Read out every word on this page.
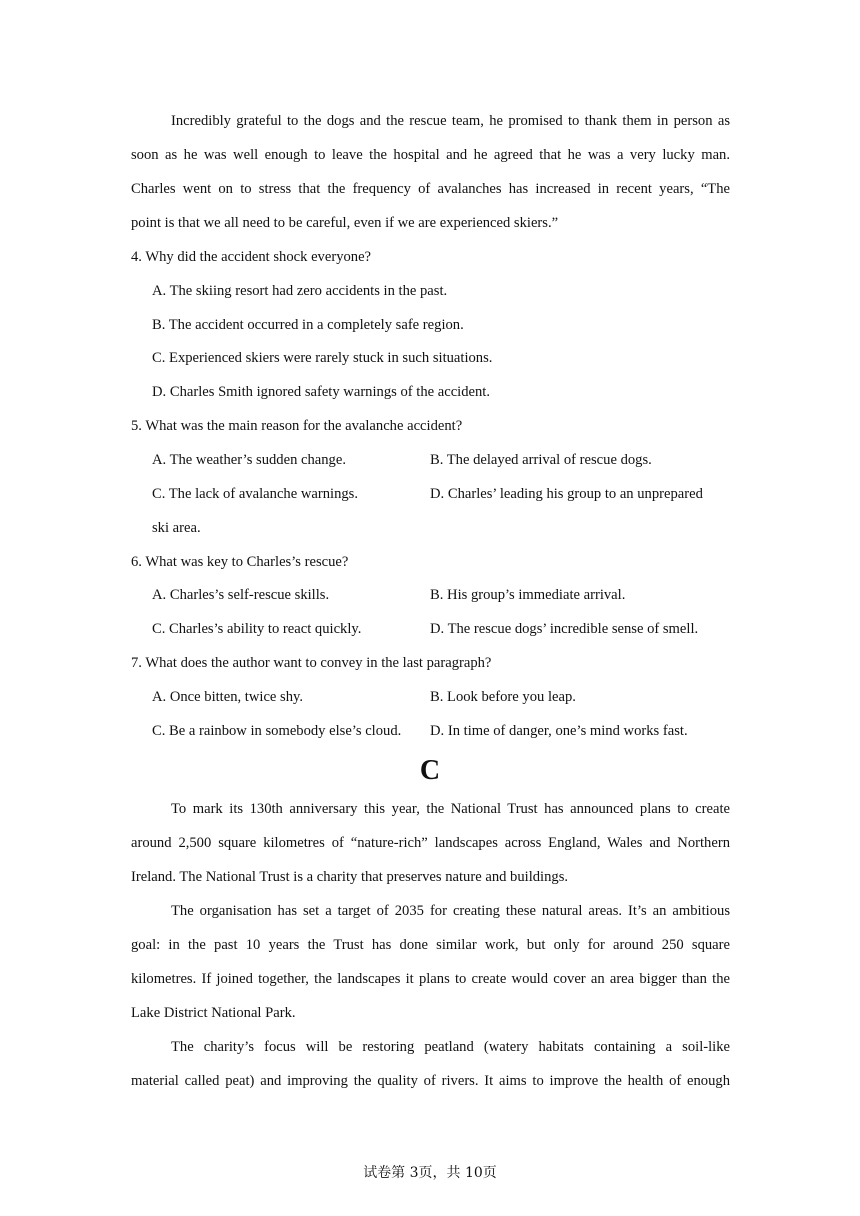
Incredibly grateful to the dogs and the rescue team, he promised to thank them in person as
soon as he was well enough to leave the hospital and he agreed that he was a very lucky man.
Charles went on to stress that the frequency of avalanches has increased in recent years, “The
point is that we all need to be careful, even if we are experienced skiers.”
4. Why did the accident shock everyone?
A. The skiing resort had zero accidents in the past.
B. The accident occurred in a completely safe region.
C. Experienced skiers were rarely stuck in such situations.
D. Charles Smith ignored safety warnings of the accident.
5. What was the main reason for the avalanche accident?
A. The weather’s sudden change.	B. The delayed arrival of rescue dogs.
C. The lack of avalanche warnings.	D. Charles’ leading his group to an unprepared
ski area.
6. What was key to Charles’s rescue?
A. Charles’s self-rescue skills.	B. His group’s immediate arrival.
C. Charles’s ability to react quickly.	D. The rescue dogs’ incredible sense of smell.
7. What does the author want to convey in the last paragraph?
A. Once bitten, twice shy.	B. Look before you leap.
C. Be a rainbow in somebody else’s cloud. D. In time of danger, one’s mind works fast.
C
To mark its 130th anniversary this year, the National Trust has announced plans to create
around 2,500 square kilometres of “nature-rich” landscapes across England, Wales and Northern
Ireland. The National Trust is a charity that preserves nature and buildings.
The organisation has set a target of 2035 for creating these natural areas. It’s an ambitious
goal: in the past 10 years the Trust has done similar work, but only for around 250 square
kilometres. If joined together, the landscapes it plans to create would cover an area bigger than the
Lake District National Park.
The charity’s focus will be restoring peatland (watery habitats containing a soil-like
material called peat) and improving the quality of rivers. It aims to improve the health of enough
试卷第 3页，共 10页
